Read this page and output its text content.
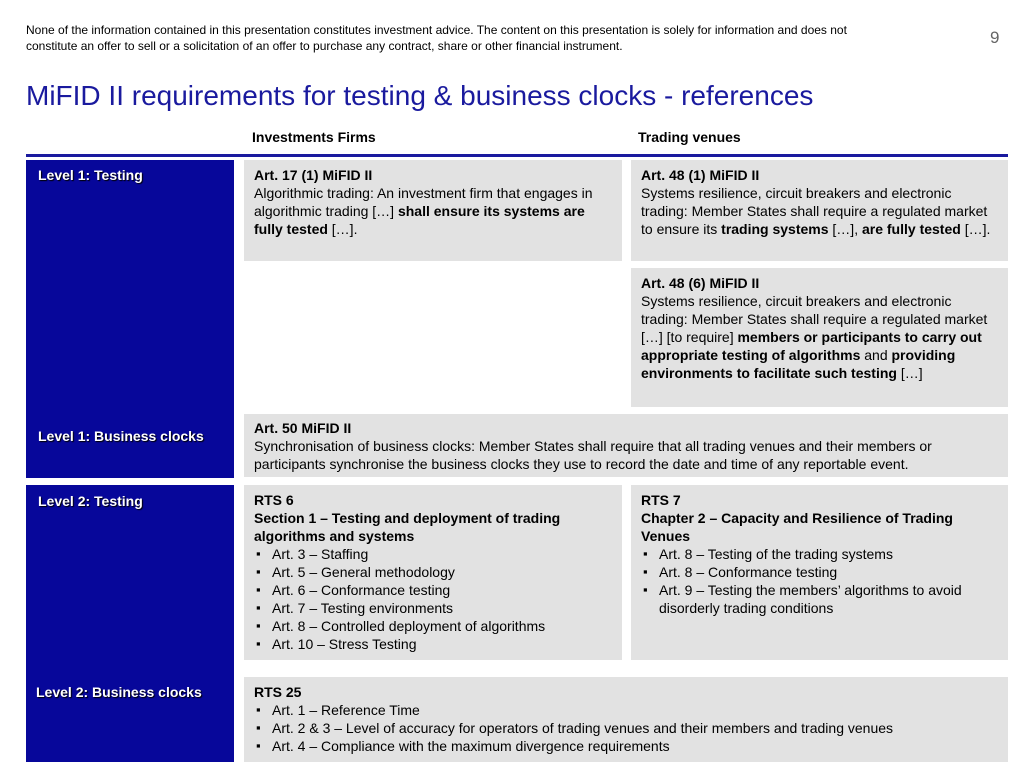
None of the information contained in this presentation constitutes investment advice. The content on this presentation is solely for information and does not constitute an offer to sell or a solicitation of an offer to purchase any contract, share or other financial instrument.	9
MiFID II requirements for testing & business clocks - references
Investments Firms	Trading venues
Level 1: Testing
Level 1: Business clocks
Level 2: Testing
Level 2: Business clocks
Art. 17 (1) MiFID II
Algorithmic trading: An investment firm that engages in algorithmic trading […] shall ensure its systems are fully tested […].
Art. 48 (1) MiFID II
Systems resilience, circuit breakers and electronic trading: Member States shall require a regulated market to ensure its trading systems […], are fully tested […].
Art. 48 (6) MiFID II
Systems resilience, circuit breakers and electronic trading: Member States shall require a regulated market […] [to require] members or participants to carry out appropriate testing of algorithms and providing environments to facilitate such testing […]
Art. 50 MiFID II
Synchronisation of business clocks: Member States shall require that all trading venues and their members or participants synchronise the business clocks they use to record the date and time of any reportable event.
RTS 6
Section 1 – Testing and deployment of trading algorithms and systems
▪ Art. 3 – Staffing
▪ Art. 5 – General methodology
▪ Art. 6 – Conformance testing
▪ Art. 7 – Testing environments
▪ Art. 8 – Controlled deployment of algorithms
▪ Art. 10 – Stress Testing
RTS 7
Chapter 2 – Capacity and Resilience of Trading Venues
▪ Art. 8 – Testing of the trading systems
▪ Art. 8 – Conformance testing
▪ Art. 9 – Testing the members’ algorithms to avoid disorderly trading conditions
RTS 25
▪ Art. 1 – Reference Time
▪ Art. 2 & 3 – Level of accuracy for operators of trading venues and their members and trading venues
▪ Art. 4 – Compliance with the maximum divergence requirements
